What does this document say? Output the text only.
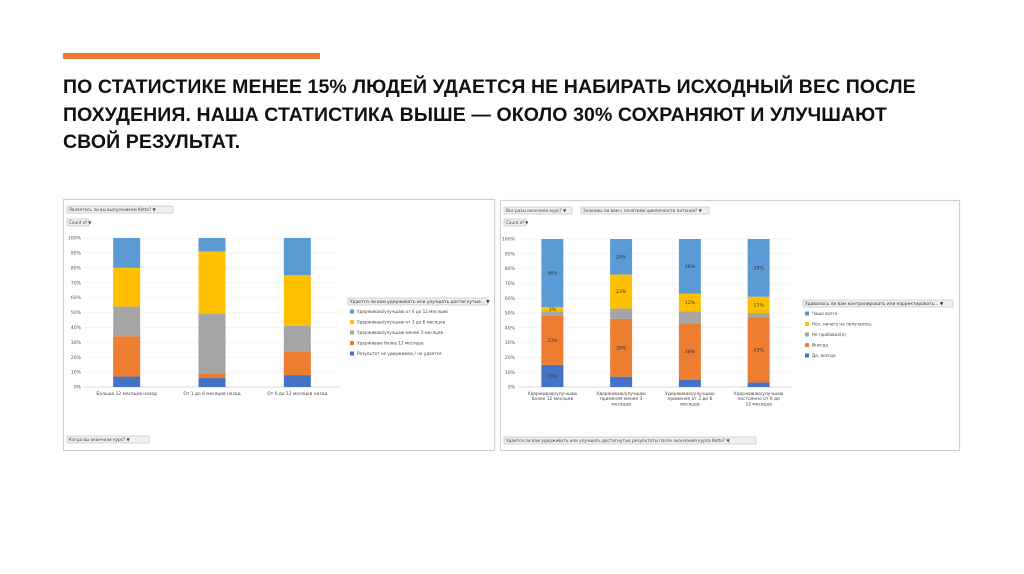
ПО СТАТИСТИКЕ МЕНЕЕ 15% ЛЮДЕЙ УДАЕТСЯ НЕ НАБИРАТЬ ИСХОДНЫЙ ВЕС ПОСЛЕ ПОХУДЕНИЯ. НАША СТАТИСТИКА ВЫШЕ — ОКОЛО 30% СОХРАНЯЮТ И УЛУЧШАЮТ СВОЙ РЕЗУЛЬТАТ.
Являетесь ли вы выпускником Ketto? ▼
Count of ▼
Когда вы окончили курс? ▼
0%
10%
20%
30%
40%
50%
60%
70%
80%
90%
100%
Больше 12 месяцев назад	От 1 до 6 месяцев назад	От 6 до 12 месяцев назад
Удается ли вам удерживать или улучшать достигнутые... ▼
Удерживаю/улучшаю от 6 до 12 месяцев
Удерживаю/улучшаю от 3 до 6 месяцев
Удерживаю/улучшаю менее 3 месяцев
Удерживаю более 12 месяцев
Результат не удерживаю / не удается
Все разы окончили курс? ▼	Знакомы ли вам с понятием цикличности питания? ▼
Count of ▼
Удается ли вам удерживать или улучшать достигнутые результаты после окончания курса Ketto? ▼
0%
10%
20%
30%
40%
50%
60%
70%
80%
90%
100%
15%
33%
3%
46%
Удерживаю/улучшаю
более 12 месяцев
39%
23%
24%
Удерживаю/улучшаю
применяя менее 3
месяцев
38%
12%
36%
Удерживаю/улучшаю
применяя от 3 до 6
месяцев
45%
11%
39%
Удерживаю/улучшаю
постоянно от 6 до
12 месяцев
Удавалось ли вам контролировать или корректировать... ▼
Чаще всего
Нет, ничего не получалось
Не пробовал(а)
Иногда
Да, всегда
